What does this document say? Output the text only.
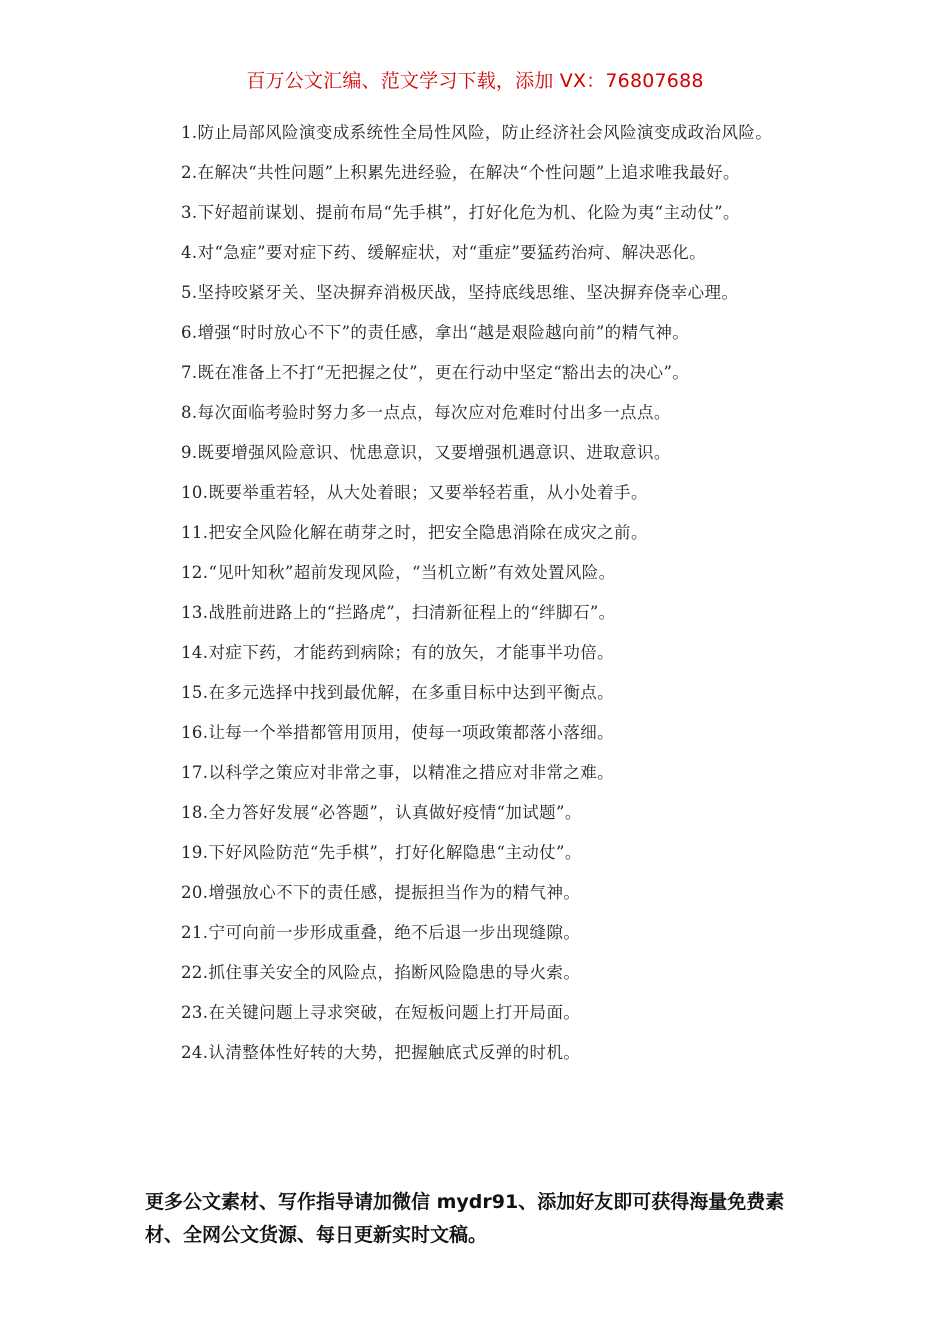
百万公文汇编、范文学习下载，添加 VX：76807688
1.防止局部风险演变成系统性全局性风险，防止经济社会风险演变成政治风险。
2.在解决“共性问题”上积累先进经验，在解决“个性问题”上追求唯我最好。
3.下好超前谋划、提前布局“先手棋”，打好化危为机、化险为夷“主动仗”。
4.对“急症”要对症下药、缓解症状，对“重症”要猛药治疴、解决恶化。
5.坚持咬紧牙关、坚决摒弃消极厌战，坚持底线思维、坚决摒弃侥幸心理。
6.增强“时时放心不下”的责任感，拿出“越是艰险越向前”的精气神。
7.既在准备上不打“无把握之仗”，更在行动中坚定“豁出去的决心”。
8.每次面临考验时努力多一点点，每次应对危难时付出多一点点。
9.既要增强风险意识、忧患意识，又要增强机遇意识、进取意识。
10.既要举重若轻，从大处着眼；又要举轻若重，从小处着手。
11.把安全风险化解在萌芽之时，把安全隐患消除在成灾之前。
12.“见叶知秋”超前发现风险，“当机立断”有效处置风险。
13.战胜前进路上的“拦路虎”，扫清新征程上的“绊脚石”。
14.对症下药，才能药到病除；有的放矢，才能事半功倍。
15.在多元选择中找到最优解，在多重目标中达到平衡点。
16.让每一个举措都管用顶用，使每一项政策都落小落细。
17.以科学之策应对非常之事，以精准之措应对非常之难。
18.全力答好发展“必答题”，认真做好疫情“加试题”。
19.下好风险防范“先手棋”，打好化解隐患“主动仗”。
20.增强放心不下的责任感，提振担当作为的精气神。
21.宁可向前一步形成重叠，绝不后退一步出现缝隙。
22.抓住事关安全的风险点，掐断风险隐患的导火索。
23.在关键问题上寻求突破，在短板问题上打开局面。
24.认清整体性好转的大势，把握触底式反弹的时机。
更多公文素材、写作指导请加微信 mydr91、添加好友即可获得海量免费素材、全网公文货源、每日更新实时文稿。
